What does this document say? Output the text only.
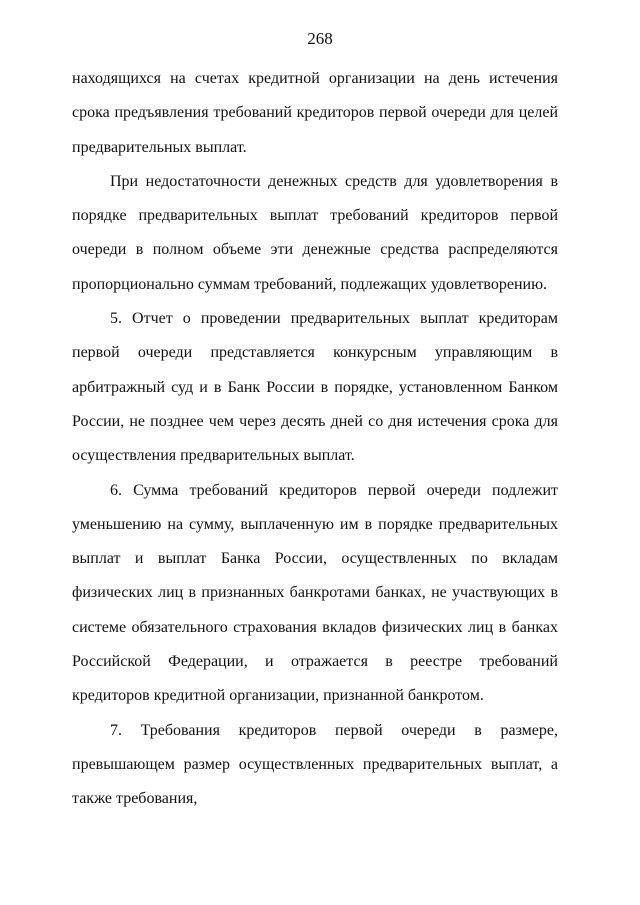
268

находящихся на счетах кредитной организации на день истечения срока предъявления требований кредиторов первой очереди для целей предварительных выплат.

При недостаточности денежных средств для удовлетворения в порядке предварительных выплат требований кредиторов первой очереди в полном объеме эти денежные средства распределяются пропорционально суммам требований, подлежащих удовлетворению.

5. Отчет о проведении предварительных выплат кредиторам первой очереди представляется конкурсным управляющим в арбитражный суд и в Банк России в порядке, установленном Банком России, не позднее чем через десять дней со дня истечения срока для осуществления предварительных выплат.

6. Сумма требований кредиторов первой очереди подлежит уменьшению на сумму, выплаченную им в порядке предварительных выплат и выплат Банка России, осуществленных по вкладам физических лиц в признанных банкротами банках, не участвующих в системе обязательного страхования вкладов физических лиц в банках Российской Федерации, и отражается в реестре требований кредиторов кредитной организации, признанной банкротом.

7. Требования кредиторов первой очереди в размере, превышающем размер осуществленных предварительных выплат, а также требования,
